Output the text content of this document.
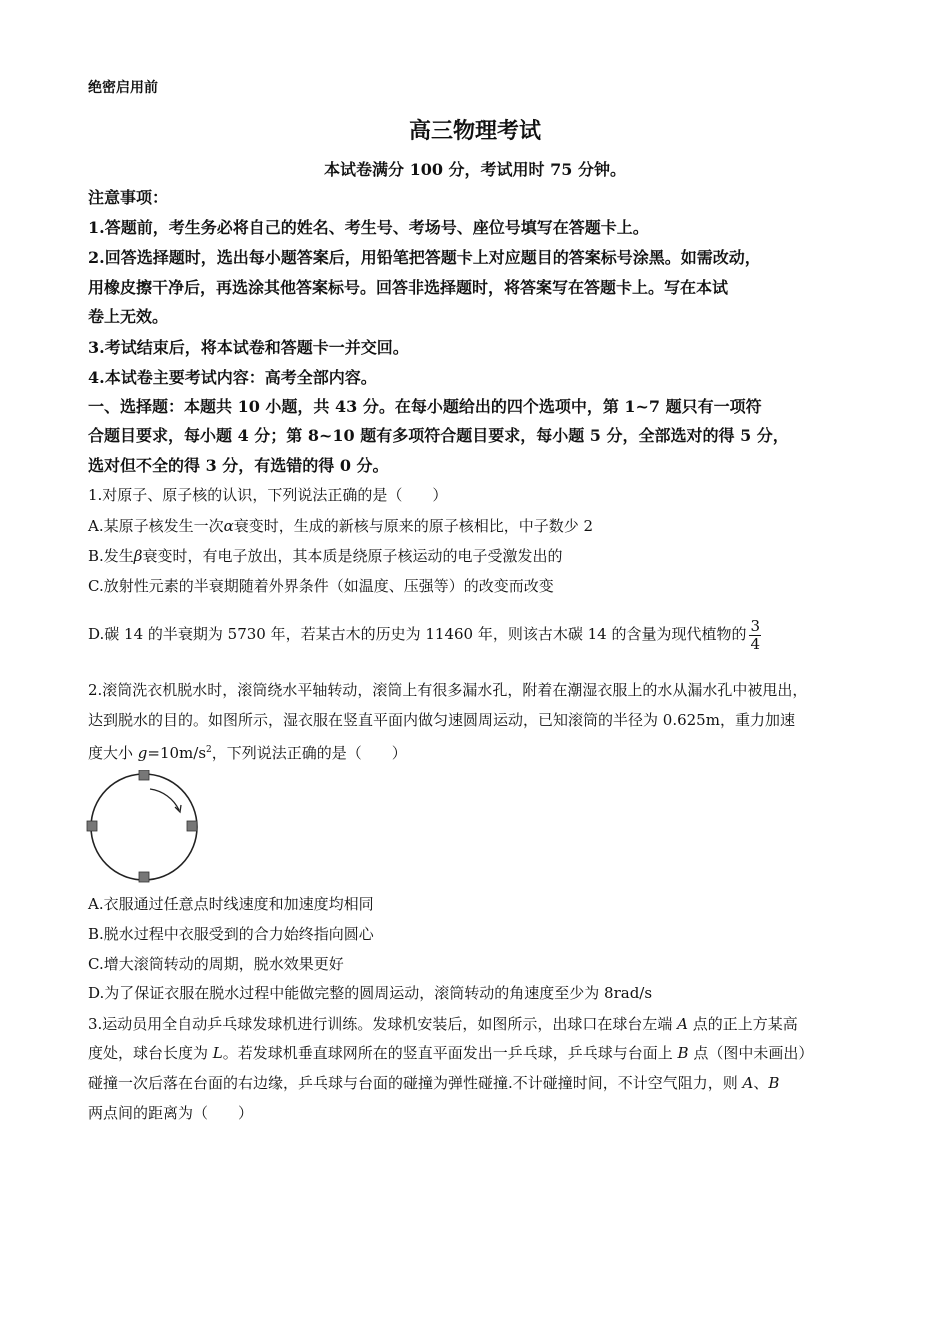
绝密启用前
高三物理考试
本试卷满分 100 分，考试用时 75 分钟。
注意事项：
1.答题前，考生务必将自己的姓名、考生号、考场号、座位号填写在答题卡上。
2.回答选择题时，选出每小题答案后，用铅笔把答题卡上对应题目的答案标号涂黑。如需改动，
用橡皮擦干净后，再选涂其他答案标号。回答非选择题时，将答案写在答题卡上。写在本试
卷上无效。
3.考试结束后，将本试卷和答题卡一并交回。
4.本试卷主要考试内容：高考全部内容。
一、选择题：本题共 10 小题，共 43 分。在每小题给出的四个选项中，第 1~7 题只有一项符
合题目要求，每小题 4 分；第 8~10 题有多项符合题目要求，每小题 5 分，全部选对的得 5 分，
选对但不全的得 3 分，有选错的得 0 分。
1.对原子、原子核的认识，下列说法正确的是（　　）
A.某原子核发生一次α衰变时，生成的新核与原来的原子核相比，中子数少 2
B.发生β衰变时，有电子放出，其本质是绕原子核运动的电子受激发出的
C.放射性元素的半衰期随着外界条件（如温度、压强等）的改变而改变
D.碳 14 的半衰期为 5730 年，若某古木的历史为 11460 年，则该古木碳 14 的含量为现代植物的 $\frac{3}{4}$
2.滚筒洗衣机脱水时，滚筒绕水平轴转动，滚筒上有很多漏水孔，附着在潮湿衣服上的水从漏水孔中被甩出，
达到脱水的目的。如图所示，湿衣服在竖直平面内做匀速圆周运动，已知滚筒的半径为 0.625m，重力加速
度大小 $g=10m/s^2$，下列说法正确的是（　　）
A.衣服通过任意点时线速度和加速度均相同
B.脱水过程中衣服受到的合力始终指向圆心
C.增大滚筒转动的周期，脱水效果更好
D.为了保证衣服在脱水过程中能做完整的圆周运动，滚筒转动的角速度至少为 8rad/s
3.运动员用全自动乒乓球发球机进行训练。发球机安装后，如图所示，出球口在球台左端 A 点的正上方某高
度处，球台长度为 L。若发球机垂直球网所在的竖直平面发出一乒乓球，乒乓球与台面上 B 点（图中未画出）
碰撞一次后落在台面的右边缘，乒乓球与台面的碰撞为弹性碰撞.不计碰撞时间，不计空气阻力，则 A、B
两点间的距离为（　　）
